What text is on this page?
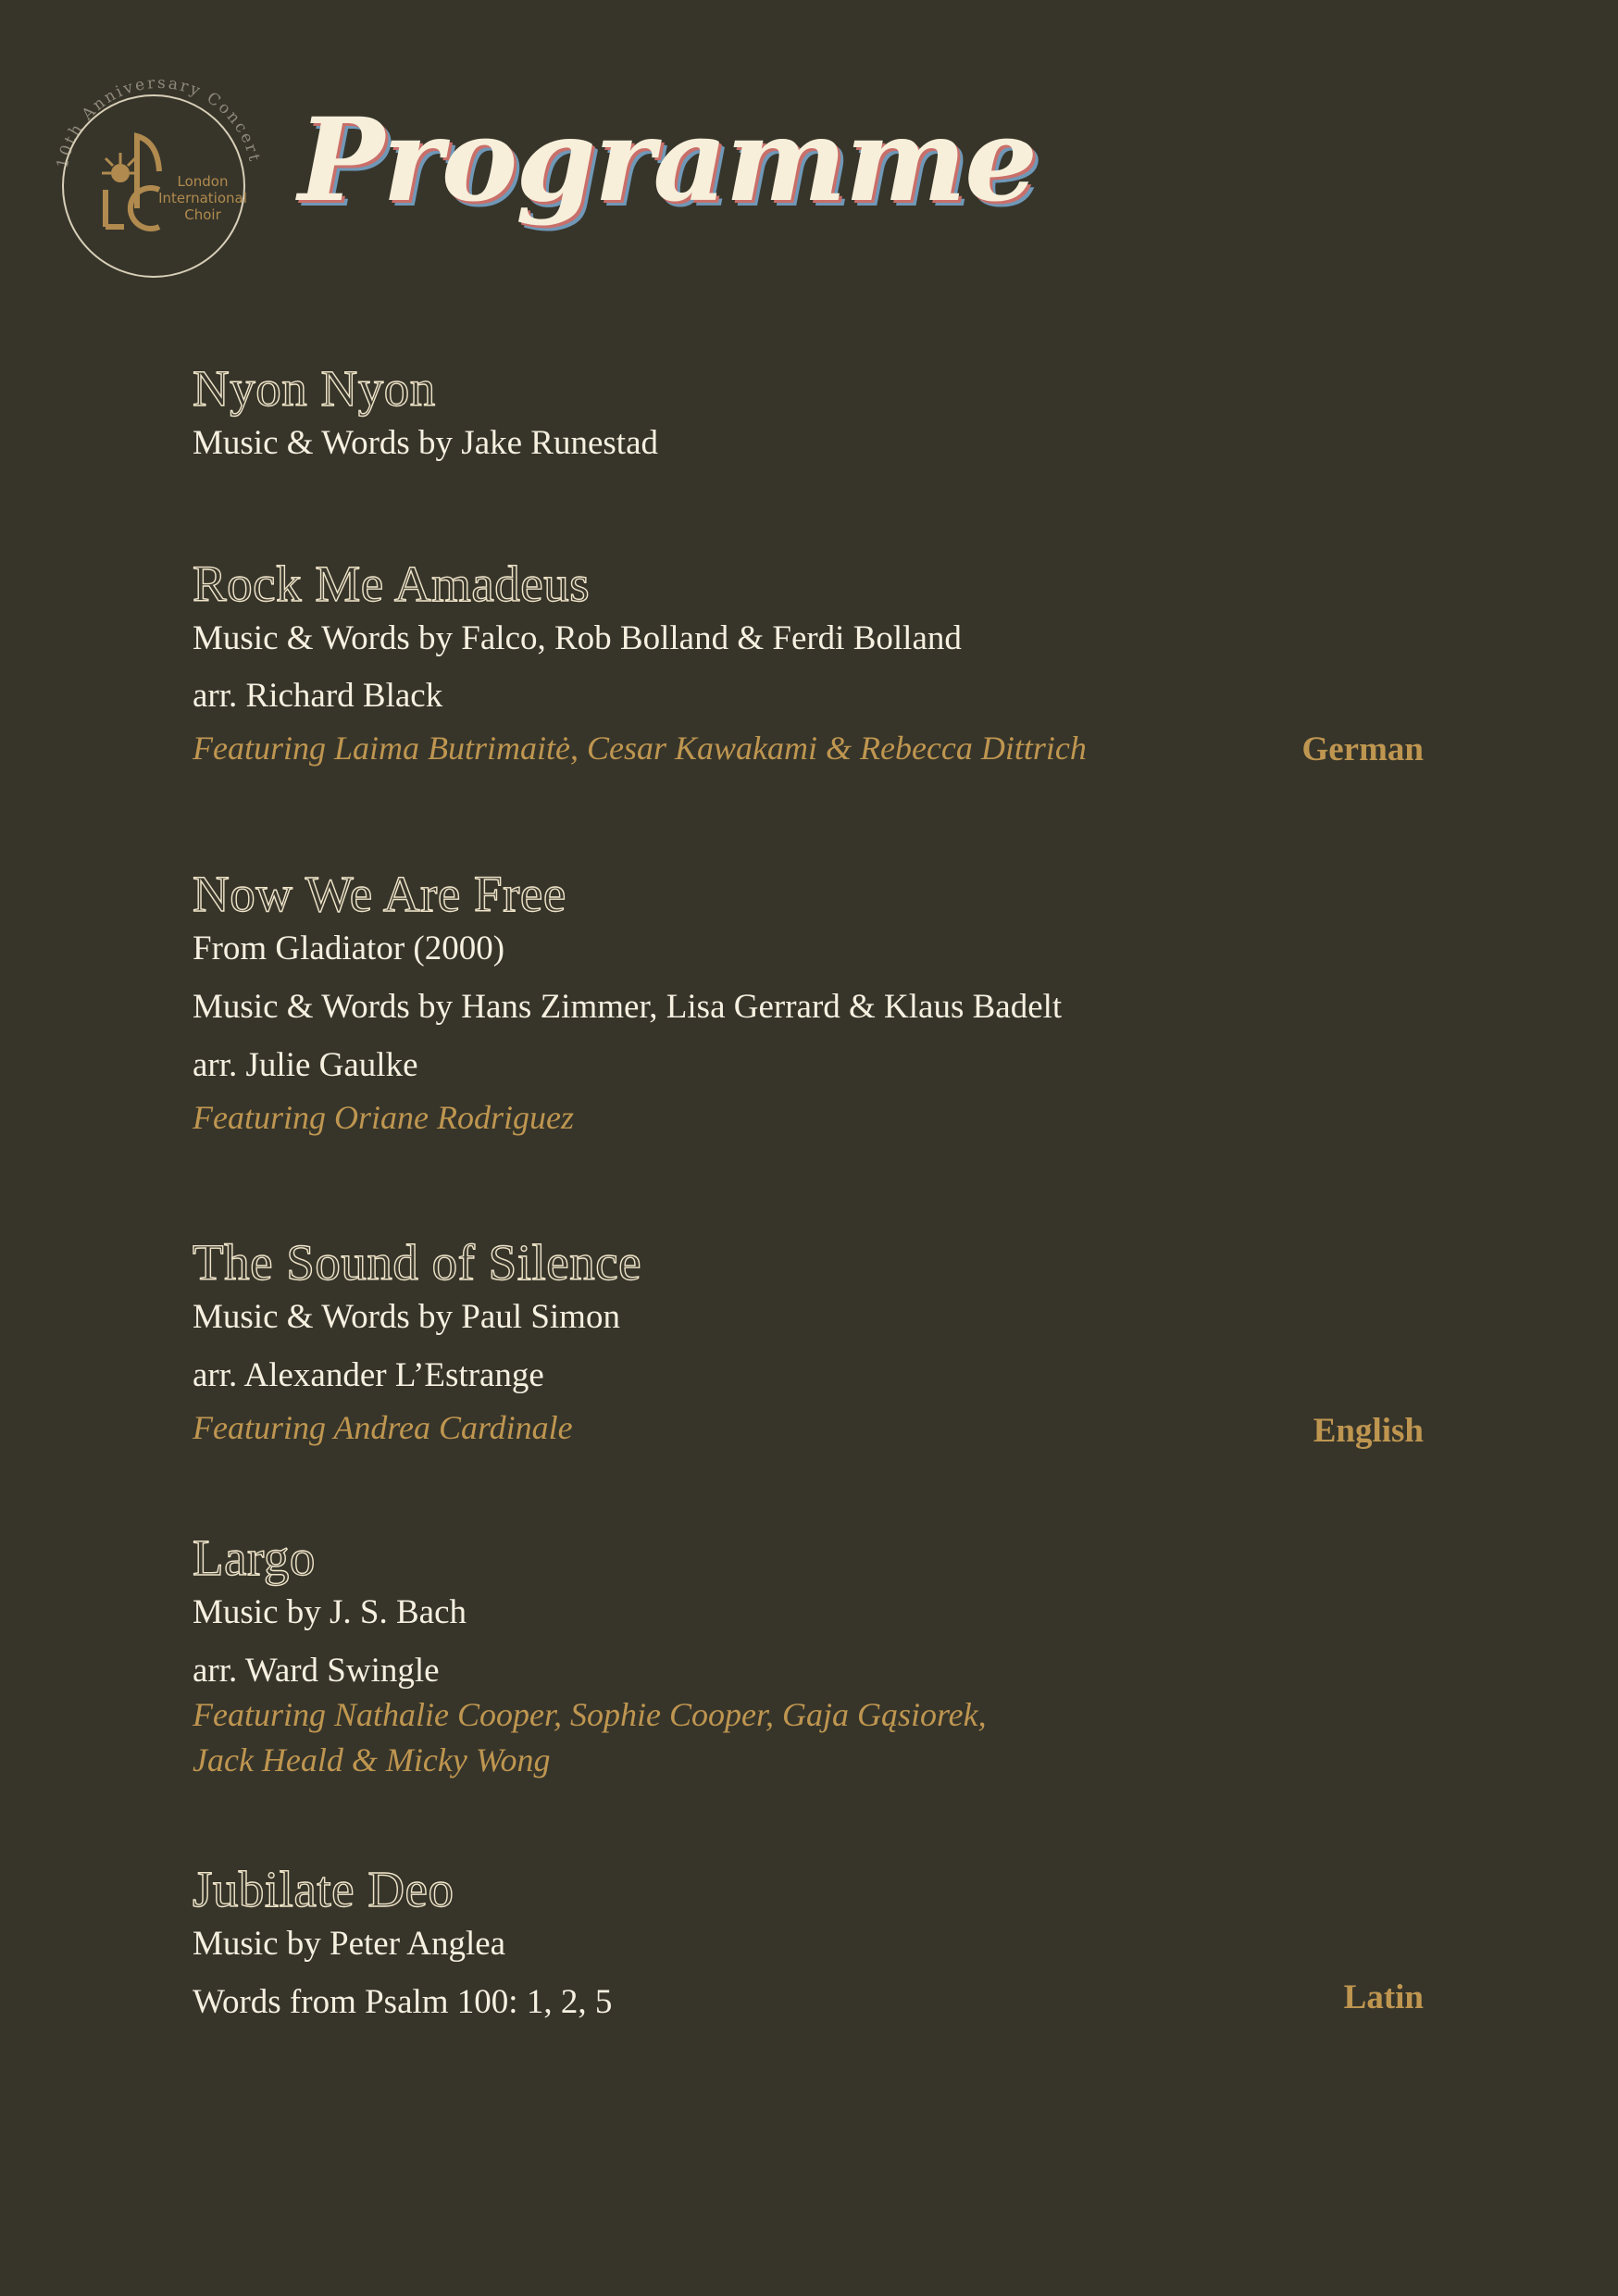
10th Anniversary Concert
London
International
Choir Programme
Nyon Nyon
Music & Words by Jake Runestad
Rock Me Amadeus
Music & Words by Falco, Rob Bolland & Ferdi Bolland
arr. Richard Black
Featuring Laima Butrimaitė, Cesar Kawakami & Rebecca Dittrich	German
Now We Are Free
From Gladiator (2000)
Music & Words by Hans Zimmer, Lisa Gerrard & Klaus Badelt
arr. Julie Gaulke
Featuring Oriane Rodriguez
The Sound of Silence
Music & Words by Paul Simon
arr. Alexander L’Estrange
Featuring Andrea Cardinale	English
Largo
Music by J. S. Bach
arr. Ward Swingle
Featuring Nathalie Cooper, Sophie Cooper, Gaja Gąsiorek,
Jack Heald & Micky Wong
Jubilate Deo
Music by Peter Anglea
Words from Psalm 100: 1, 2, 5	Latin
